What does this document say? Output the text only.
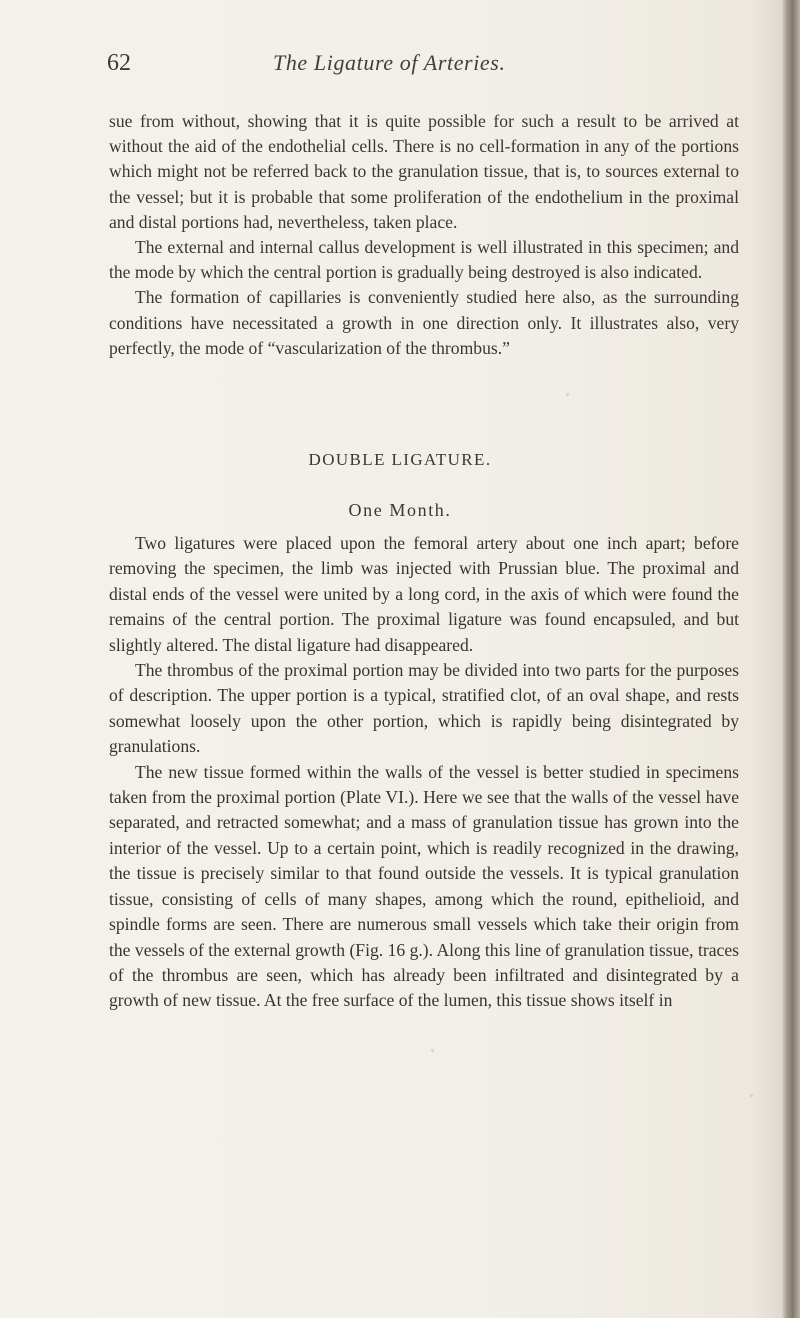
62	The Ligature of Arteries.

sue from without, showing that it is quite possible for such a result to be arrived at without the aid of the endothelial cells. There is no cell-formation in any of the portions which might not be referred back to the granulation tissue, that is, to sources external to the vessel; but it is probable that some proliferation of the endothelium in the proximal and distal portions had, nevertheless, taken place.

The external and internal callus development is well illustrated in this specimen; and the mode by which the central portion is gradually being destroyed is also indicated.

The formation of capillaries is conveniently studied here also, as the surrounding conditions have necessitated a growth in one direction only. It illustrates also, very perfectly, the mode of “vascularization of the thrombus.”

DOUBLE LIGATURE.
One Month.

Two ligatures were placed upon the femoral artery about one inch apart; before removing the specimen, the limb was injected with Prussian blue. The proximal and distal ends of the vessel were united by a long cord, in the axis of which were found the remains of the central portion. The proximal ligature was found encapsuled, and but slightly altered. The distal ligature had disappeared.

The thrombus of the proximal portion may be divided into two parts for the purposes of description. The upper portion is a typical, stratified clot, of an oval shape, and rests somewhat loosely upon the other portion, which is rapidly being disintegrated by granulations.

The new tissue formed within the walls of the vessel is better studied in specimens taken from the proximal portion (Plate VI.). Here we see that the walls of the vessel have separated, and retracted somewhat; and a mass of granulation tissue has grown into the interior of the vessel. Up to a certain point, which is readily recognized in the drawing, the tissue is precisely similar to that found outside the vessels. It is typical granulation tissue, consisting of cells of many shapes, among which the round, epithelioid, and spindle forms are seen. There are numerous small vessels which take their origin from the vessels of the external growth (Fig. 16 g.). Along this line of granulation tissue, traces of the thrombus are seen, which has already been infiltrated and disintegrated by a growth of new tissue. At the free surface of the lumen, this tissue shows itself in
